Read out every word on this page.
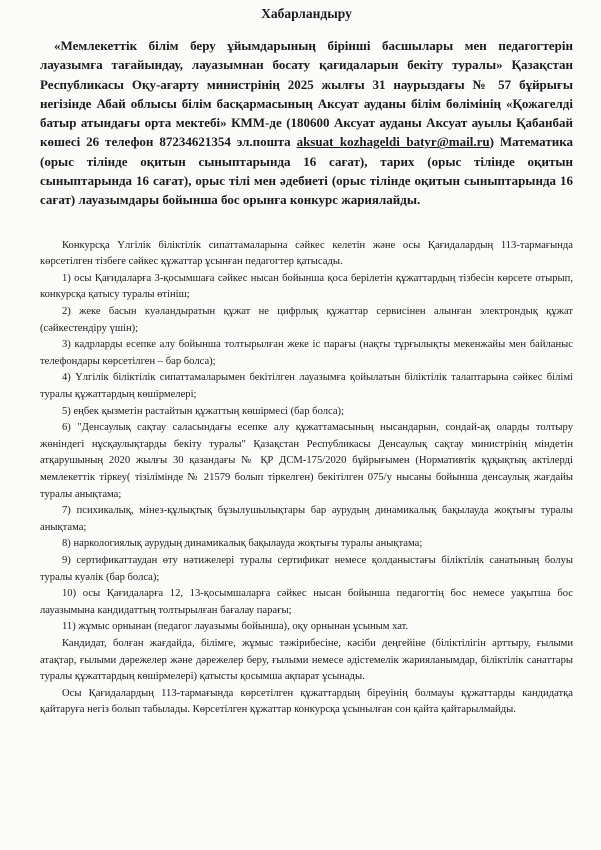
Хабарландыру

«Мемлекеттік білім беру ұйымдарының бірінші басшылары мен педагогтерін лауазымға тағайындау, лауазымнан босату қағидаларын бекіту туралы» Қазақстан Республикасы Оқу-ағарту министрінің 2025 жылғы 31 наурыздағы № 57 бұйрығы негізінде Абай облысы білім басқармасының Аксуат ауданы білім бөлімінің «Қожагелді батыр атындағы орта мектебі» КММ-де (180600 Аксуат ауданы Аксуат ауылы Қабанбай көшесі 26 телефон 87234621354 эл.пошта aksuat_kozhageldi_batyr@mail.ru) Математика (орыс тілінде оқитын сыныптарында 16 сағат), тарих (орыс тілінде оқитын сыныптарында 16 сағат), орыс тілі мен әдебиеті (орыс тілінде оқитын сыныптарында 16 сағат) лауазымдары бойынша бос орынға конкурс жариялайды.

Конкурсқа Үлгілік біліктілік сипаттамаларына сәйкес келетін және осы Қағидалардың 113-тармағында көрсетілген тізбеге сәйкес құжаттар ұсынған педагогтер қатысады.

1) осы Қағидаларға 3-қосымшаға сәйкес нысан бойынша қоса берілетін құжаттардың тізбесін көрсете отырып, конкурсқа қатысу туралы өтініш;

2) жеке басын куәландыратын құжат не цифрлық құжаттар сервисінен алынған электрондық құжат (сәйкестендіру үшін);

3) кадрларды есепке алу бойынша толтырылған жеке іс парағы (нақты тұрғылықты мекенжайы мен байланыс телефондары көрсетілген – бар болса);

4) Үлгілік біліктілік сипаттамаларымен бекітілген лауазымға қойылатын біліктілік талаптарына сәйкес білімі туралы құжаттардың көшірмелері;

5) еңбек қызметін растайтын құжаттың көшірмесі (бар болса);

6) "Денсаулық сақтау саласындағы есепке алу құжаттамасының нысандарын, сондай-ақ оларды толтыру жөніндегі нұсқаулықтарды бекіту туралы" Қазақстан Республикасы Денсаулық сақтау министрінің міндетін атқарушының 2020 жылғы 30 қазандағы № ҚР ДСМ-175/2020 бұйрығымен (Нормативтік құқықтық актілерді мемлекеттік тіркеу( тізілімінде № 21579 болып тіркелген) бекітілген 075/у нысаны бойынша денсаулық жағдайы туралы анықтама;

7) психикалық, мінез-құлықтық бұзылушылықтары бар аурудың динамикалық бақылауда жоқтығы туралы анықтама;

8) наркологиялық аурудың динамикалық бақылауда жоқтығы туралы анықтама;

9) сертификаттаудан өту нәтижелері туралы сертификат немесе қолданыстағы біліктілік санатының болуы туралы куәлік (бар болса);

10) осы Қағидаларға 12, 13-қосымшаларға сәйкес нысан бойынша педагогтің бос немесе уақытша бос лауазымына кандидаттың толтырылған бағалау парағы;

11) жұмыс орнынан (педагог лауазымы бойынша), оқу орнынан ұсыным хат.

Кандидат, болған жағдайда, білімге, жұмыс тәжірибесіне, кәсіби деңгейіне (біліктілігін арттыру, ғылыми атақтар, ғылыми дәрежелер және дәрежелер беру, ғылыми немесе әдістемелік жарияланымдар, біліктілік санаттары туралы құжаттардың көшірмелері) қатысты қосымша ақпарат ұсынады.

Осы Қағидалардың 113-тармағында көрсетілген құжаттардың біреуінің болмауы құжаттарды кандидатқа қайтаруға негіз болып табылады. Көрсетілген құжаттар конкурсқа ұсынылған сон қайта қайтарылмайды.
